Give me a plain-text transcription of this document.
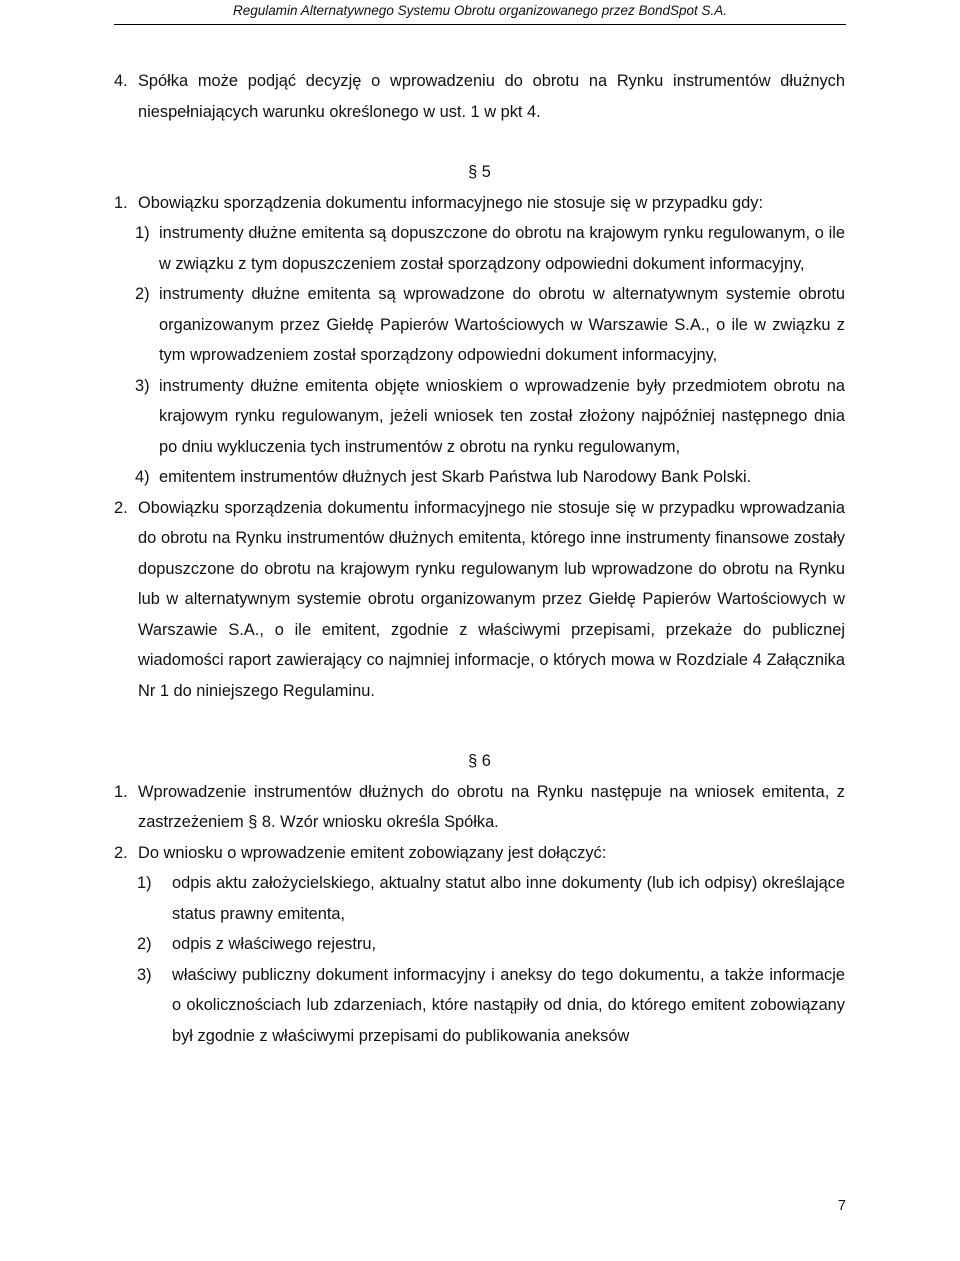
Regulamin Alternatywnego Systemu Obrotu organizowanego przez BondSpot S.A.
4. Spółka może podjąć decyzję o wprowadzeniu do obrotu na Rynku instrumentów dłużnych niespełniających warunku określonego w ust. 1 w pkt 4.

§ 5

1. Obowiązku sporządzenia dokumentu informacyjnego nie stosuje się w przypadku gdy:

1) instrumenty dłużne emitenta są dopuszczone do obrotu na krajowym rynku regulowanym, o ile w związku z tym dopuszczeniem został sporządzony odpowiedni dokument informacyjny,

2) instrumenty dłużne emitenta są wprowadzone do obrotu w alternatywnym systemie obrotu organizowanym przez Giełdę Papierów Wartościowych w Warszawie S.A., o ile w związku z tym wprowadzeniem został sporządzony odpowiedni dokument informacyjny,

3) instrumenty dłużne emitenta objęte wnioskiem o wprowadzenie były przedmiotem obrotu na krajowym rynku regulowanym, jeżeli wniosek ten został złożony najpóźniej następnego dnia po dniu wykluczenia tych instrumentów z obrotu na rynku regulowanym,

4) emitentem instrumentów dłużnych jest Skarb Państwa lub Narodowy Bank Polski.

2. Obowiązku sporządzenia dokumentu informacyjnego nie stosuje się w przypadku wprowadzania do obrotu na Rynku instrumentów dłużnych emitenta, którego inne instrumenty finansowe zostały dopuszczone do obrotu na krajowym rynku regulowanym lub wprowadzone do obrotu na Rynku lub w alternatywnym systemie obrotu organizowanym przez Giełdę Papierów Wartościowych w Warszawie S.A., o ile emitent, zgodnie z właściwymi przepisami, przekaże do publicznej wiadomości raport zawierający co najmniej informacje, o których mowa w Rozdziale 4 Załącznika Nr 1 do niniejszego Regulaminu.

§ 6

1. Wprowadzenie instrumentów dłużnych do obrotu na Rynku następuje na wniosek emitenta, z zastrzeżeniem § 8. Wzór wniosku określa Spółka.

2. Do wniosku o wprowadzenie emitent zobowiązany jest dołączyć:

1) odpis aktu założycielskiego, aktualny statut albo inne dokumenty (lub ich odpisy) określające status prawny emitenta,

2) odpis z właściwego rejestru,

3) właściwy publiczny dokument informacyjny i aneksy do tego dokumentu, a także informacje o okolicznościach lub zdarzeniach, które nastąpiły od dnia, do którego emitent zobowiązany był zgodnie z właściwymi przepisami do publikowania aneksów

7
